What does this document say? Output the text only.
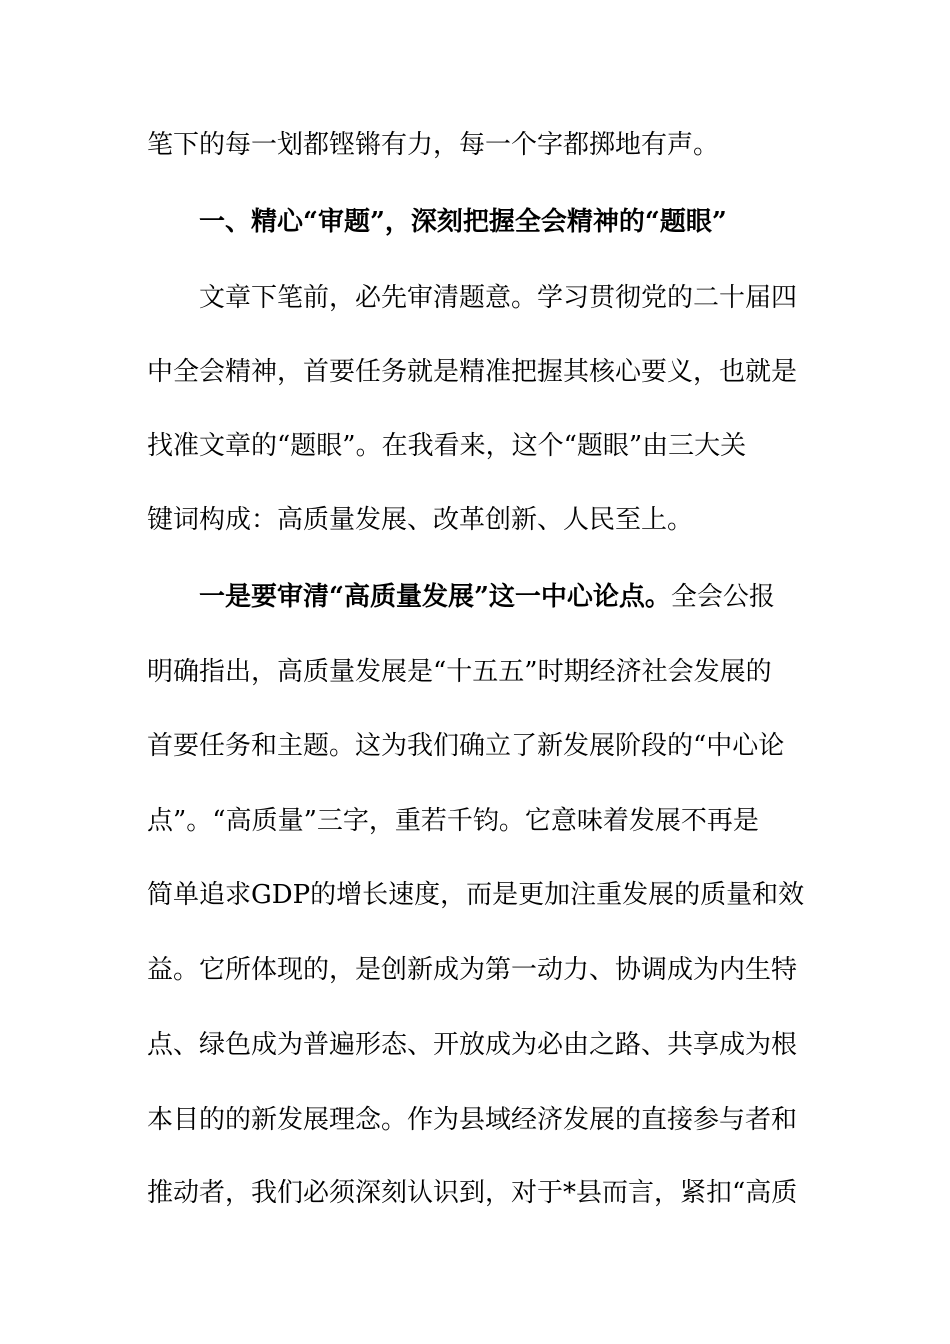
笔下的每一划都铿锵有力，每一个字都掷地有声。
一、精心“审题”，深刻把握全会精神的“题眼”
文章下笔前，必先审清题意。学习贯彻党的二十届四
中全会精神，首要任务就是精准把握其核心要义，也就是
找准文章的“题眼”。在我看来，这个“题眼”由三大关
键词构成：高质量发展、改革创新、人民至上。
一是要审清“高质量发展”这一中心论点。全会公报
明确指出，高质量发展是“十五五”时期经济社会发展的
首要任务和主题。这为我们确立了新发展阶段的“中心论
点”。“高质量”三字，重若千钧。它意味着发展不再是
简单追求GDP的增长速度，而是更加注重发展的质量和效
益。它所体现的，是创新成为第一动力、协调成为内生特
点、绿色成为普遍形态、开放成为必由之路、共享成为根
本目的的新发展理念。作为县域经济发展的直接参与者和
推动者，我们必须深刻认识到，对于*县而言，紧扣“高质
